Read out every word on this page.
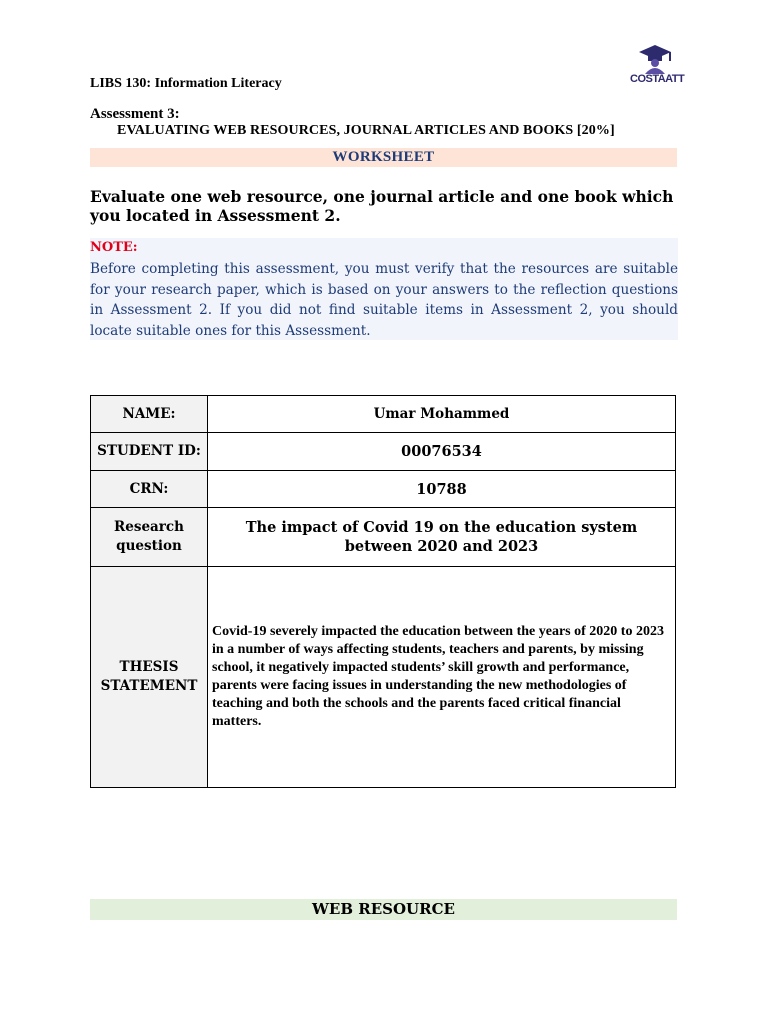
LIBS 130: Information Literacy	COSTAATT
Assessment 3:
EVALUATING WEB RESOURCES, JOURNAL ARTICLES AND BOOKS [20%]
WORKSHEET
Evaluate one web resource, one journal article and one book which you located in Assessment 2.
NOTE:
Before completing this assessment, you must verify that the resources are suitable for your research paper, which is based on your answers to the reflection questions in Assessment 2. If you did not find suitable items in Assessment 2, you should locate suitable ones for this Assessment.
NAME:	Umar Mohammed
STUDENT ID:	00076534
CRN:	10788
Research question	The impact of Covid 19 on the education system between 2020 and 2023
THESIS STATEMENT	Covid-19 severely impacted the education between the years of 2020 to 2023 in a number of ways affecting students, teachers and parents, by missing school, it negatively impacted students’ skill growth and performance, parents were facing issues in understanding the new methodologies of teaching and both the schools and the parents faced critical financial matters.
WEB RESOURCE
